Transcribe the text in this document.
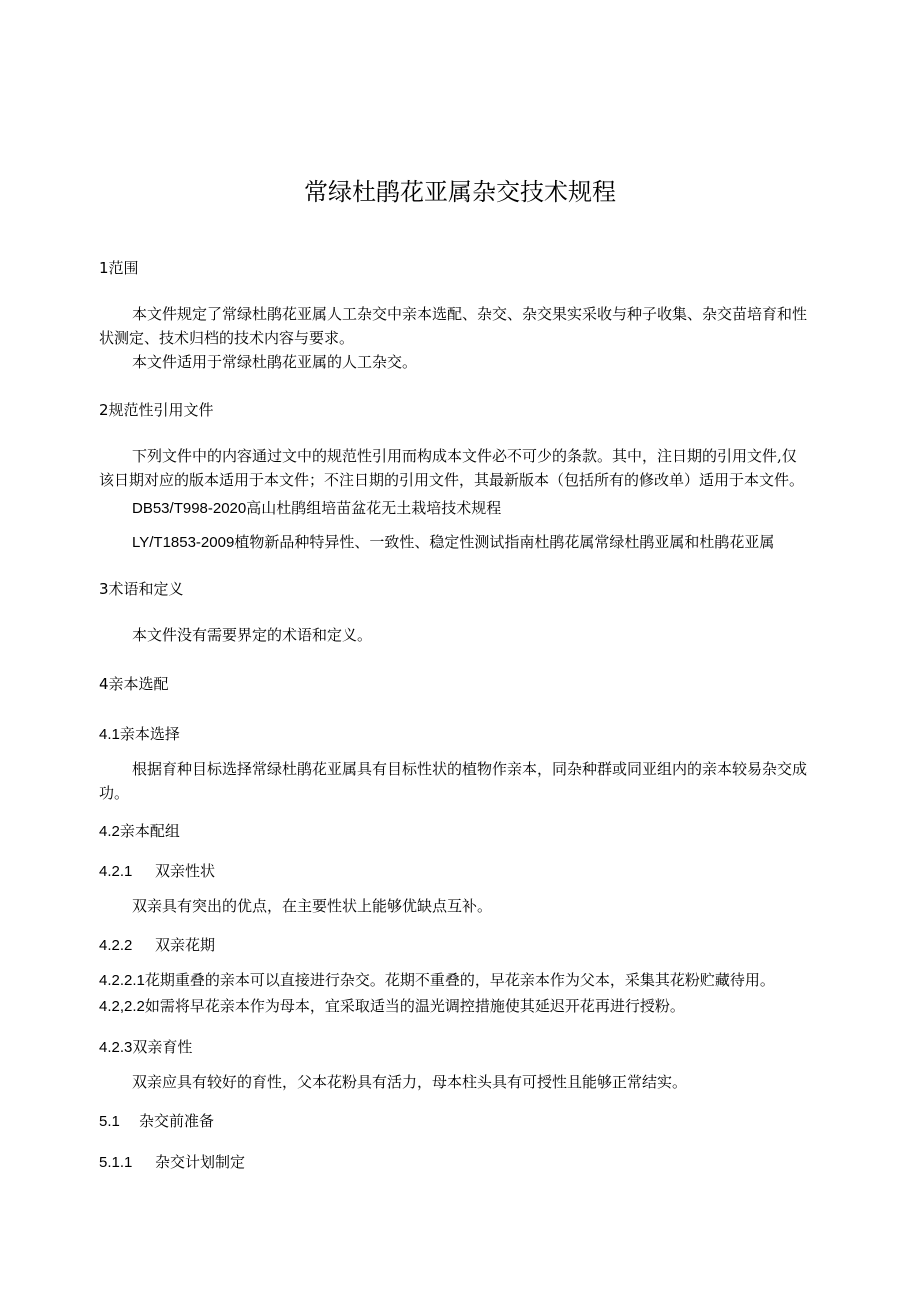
常绿杜鹃花亚属杂交技术规程
1范围
本文件规定了常绿杜鹃花亚属人工杂交中亲本选配、杂交、杂交果实采收与种子收集、杂交苗培育和性
状测定、技术归档的技术内容与要求。
本文件适用于常绿杜鹃花亚属的人工杂交。
2规范性引用文件
下列文件中的内容通过文中的规范性引用而构成本文件必不可少的条款。其中，注日期的引用文件,仅
该日期对应的版本适用于本文件；不注日期的引用文件，其最新版本（包括所有的修改单）适用于本文件。
DB53/T998-2020高山杜鹃组培苗盆花无土栽培技术规程
LY/T1853-2009植物新品种特异性、一致性、稳定性测试指南杜鹃花属常绿杜鹃亚属和杜鹃花亚属
3术语和定义
本文件没有需要界定的术语和定义。
4亲本选配
4.1亲本选择
根据育种目标选择常绿杜鹃花亚属具有目标性状的植物作亲本，同杂种群或同亚组内的亲本较易杂交成
功。
4.2亲本配组
4.2.1 双亲性状
双亲具有突出的优点，在主要性状上能够优缺点互补。
4.2.2 双亲花期
4.2.2.1花期重叠的亲本可以直接进行杂交。花期不重叠的，早花亲本作为父本，采集其花粉贮藏待用。
4.2,2.2如需将早花亲本作为母本，宜采取适当的温光调控措施使其延迟开花再进行授粉。
4.2.3双亲育性
双亲应具有较好的育性，父本花粉具有活力，母本柱头具有可授性且能够正常结实。
5.1 杂交前准备
5.1.1 杂交计划制定
